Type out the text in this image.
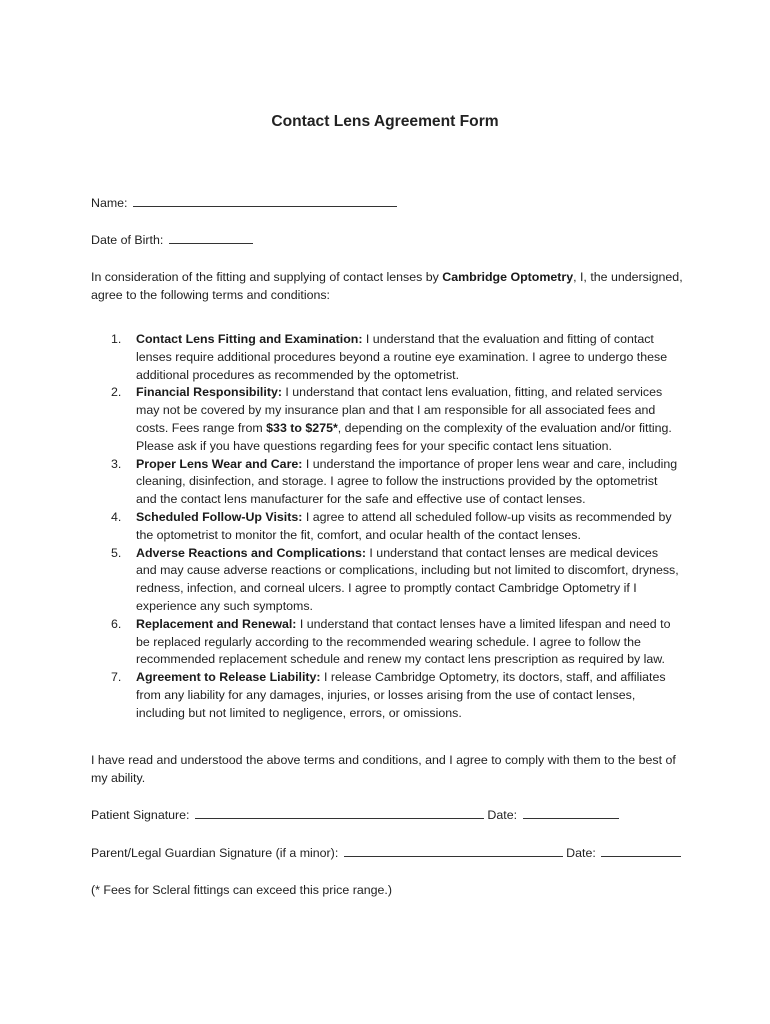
Contact Lens Agreement Form
Name:
Date of Birth:
In consideration of the fitting and supplying of contact lenses by Cambridge Optometry, I, the undersigned, agree to the following terms and conditions:
1. Contact Lens Fitting and Examination: I understand that the evaluation and fitting of contact lenses require additional procedures beyond a routine eye examination. I agree to undergo these additional procedures as recommended by the optometrist.
2. Financial Responsibility: I understand that contact lens evaluation, fitting, and related services may not be covered by my insurance plan and that I am responsible for all associated fees and costs. Fees range from $33 to $275*, depending on the complexity of the evaluation and/or fitting. Please ask if you have questions regarding fees for your specific contact lens situation.
3. Proper Lens Wear and Care: I understand the importance of proper lens wear and care, including cleaning, disinfection, and storage. I agree to follow the instructions provided by the optometrist and the contact lens manufacturer for the safe and effective use of contact lenses.
4. Scheduled Follow-Up Visits: I agree to attend all scheduled follow-up visits as recommended by the optometrist to monitor the fit, comfort, and ocular health of the contact lenses.
5. Adverse Reactions and Complications: I understand that contact lenses are medical devices and may cause adverse reactions or complications, including but not limited to discomfort, dryness, redness, infection, and corneal ulcers. I agree to promptly contact Cambridge Optometry if I experience any such symptoms.
6. Replacement and Renewal: I understand that contact lenses have a limited lifespan and need to be replaced regularly according to the recommended wearing schedule. I agree to follow the recommended replacement schedule and renew my contact lens prescription as required by law.
7. Agreement to Release Liability: I release Cambridge Optometry, its doctors, staff, and affiliates from any liability for any damages, injuries, or losses arising from the use of contact lenses, including but not limited to negligence, errors, or omissions.
I have read and understood the above terms and conditions, and I agree to comply with them to the best of my ability.
Patient Signature:	Date:
Parent/Legal Guardian Signature (if a minor):	Date:
(* Fees for Scleral fittings can exceed this price range.)
